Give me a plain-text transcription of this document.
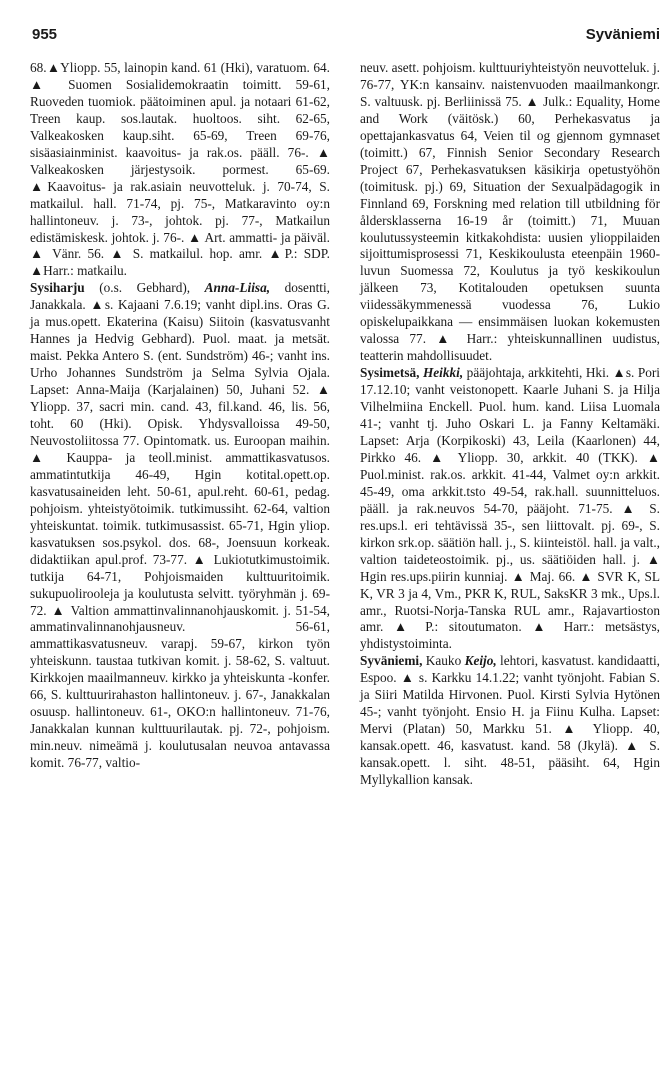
955	Syväniemi

68.▲Yliopp. 55, lainopin kand. 61 (Hki), varatuom. 64. ▲ Suomen Sosialidemokraatin toimitt. 59-61, Ruoveden tuomiok. päätoiminen apul. ja notaari 61-62, Treen kaup. sos.lautak. huoltoos. siht. 62-65, Valkeakosken kaup.siht. 65-69, Treen 69-76, sisäasiainminist. kaavoitus- ja rak.os. pääll. 76-. ▲ Valkeakosken järjestysoik. pormest. 65-69. ▲Kaavoitus- ja rak.asiain neuvotteluk. j. 70-74, S. matkailul. hall. 71-74, pj. 75-, Matkaravinto oy:n hallintoneuv. j. 73-, johtok. pj. 77-, Matkailun edistämiskesk. johtok. j. 76-. ▲ Art. ammatti- ja päiväl. ▲ Vänr. 56. ▲ S. matkailul. hop. amr. ▲P.: SDP. ▲Harr.: matkailu.

Sysiharju (o.s. Gebhard), Anna-Liisa, dosentti, Janakkala. ▲s. Kajaani 7.6.19; vanht dipl.ins. Oras G. ja mus.opett. Ekaterina (Kaisu) Siitoin (kasvatusvanht Hannes ja Hedvig Gebhard). Puol. maat. ja metsät. maist. Pekka Antero S. (ent. Sundström) 46-; vanht ins. Urho Johannes Sundström ja Selma Sylvia Ojala. Lapset: Anna-Maija (Karjalainen) 50, Juhani 52. ▲ Yliopp. 37, sacri min. cand. 43, fil.kand. 46, lis. 56, toht. 60 (Hki). Opisk. Yhdysvalloissa 49-50, Neuvostoliitossa 77. Opintomatk. us. Euroopan maihin. ▲ Kauppa- ja teoll.minist. ammattikasvatusos. ammatintutkija 46-49, Hgin kotital.opett.op. kasvatusaineiden leht. 50-61, apul.reht. 60-61, pedag. pohjoism. yhteistyötoimik. tutkimussiht. 62-64, valtion yhteiskuntat. toimik. tutkimusassist. 65-71, Hgin yliop. kasvatuksen sos.psykol. dos. 68-, Joensuun korkeak. didaktiikan apul.prof. 73-77. ▲ Lukiotutkimustoimik. tutkija 64-71, Pohjoismaiden kulttuuritoimik. sukupuolirooleja ja koulutusta selvitt. työryhmän j. 69-72. ▲ Valtion ammattinvalinnanohjauskomit. j. 51-54, ammatinvalinnanohjausneuv. 56-61, ammattikasvatusneuv. varapj. 59-67, kirkon työn yhteiskunn. taustaa tutkivan komit. j. 58-62, S. valtuut. Kirkkojen maailmanneuv. kirkko ja yhteiskunta -konfer. 66, S. kulttuurirahaston hallintoneuv. j. 67-, Janakkalan osuusp. hallintoneuv. 61-, OKO:n hallintoneuv. 71-76, Janakkalan kunnan kulttuurilautak. pj. 72-, pohjoism. min.neuv. nimeämä j. koulutusalan neuvoa antavassa komit. 76-77, valtio-

neuv. asett. pohjoism. kulttuuriyhteistyön neuvotteluk. j. 76-77, YK:n kansainv. naistenvuoden maailmankongr. S. valtuusk. pj. Berliinissä 75. ▲ Julk.: Equality, Home and Work (väitösk.) 60, Perhekasvatus ja opettajankasvatus 64, Veien til og gjennom gymnaset (toimitt.) 67, Finnish Senior Secondary Research Project 67, Perhekasvatuksen käsikirja opetustyöhön (toimitusk. pj.) 69, Situation der Sexualpädagogik in Finnland 69, Forskning med relation till utbildning för åldersklasserna 16-19 år (toimitt.) 71, Muuan koulutussysteemin kitkakohdista: uusien ylioppilaiden sijoittumisprosessi 71, Keskikoulusta eteenpäin 1960-luvun Suomessa 72, Koulutus ja työ keskikoulun jälkeen 73, Kotitalouden opetuksen suunta viidessäkymmenessä vuodessa 76, Lukio opiskelupaikkana — ensimmäisen luokan kokemusten valossa 77. ▲ Harr.: yhteiskunnallinen uudistus, teatterin mahdollisuudet.

Sysimetsä, Heikki, pääjohtaja, arkkitehti, Hki. ▲s. Pori 17.12.10; vanht veistonopett. Kaarle Juhani S. ja Hilja Vilhelmiina Enckell. Puol. hum. kand. Liisa Luomala 41-; vanht tj. Juho Oskari L. ja Fanny Keltamäki. Lapset: Arja (Korpikoski) 43, Leila (Kaarlonen) 44, Pirkko 46. ▲ Yliopp. 30, arkkit. 40 (TKK). ▲ Puol.minist. rak.os. arkkit. 41-44, Valmet oy:n arkkit. 45-49, oma arkkit.tsto 49-54, rak.hall. suunnitteluos. pääll. ja rak.neuvos 54-70, pääjoht. 71-75. ▲ S. res.ups.l. eri tehtävissä 35-, sen liittovalt. pj. 69-, S. kirkon srk.op. säätiön hall. j., S. kiinteistöl. hall. ja valt., valtion taideteostoimik. pj., us. säätiöiden hall. j. ▲ Hgin res.ups.piirin kunniaj. ▲ Maj. 66. ▲ SVR K, SL K, VR 3 ja 4, Vm., PKR K, RUL, SaksKR 3 mk., Ups.l. amr., Ruotsi-Norja-Tanska RUL amr., Rajavartioston amr. ▲ P.: sitoutumaton. ▲ Harr.: metsästys, yhdistystoiminta.

Syväniemi, Kauko Keijo, lehtori, kasvatust. kandidaatti, Espoo. ▲ s. Karkku 14.1.22; vanht työnjoht. Fabian S. ja Siiri Matilda Hirvonen. Puol. Kirsti Sylvia Hytönen 45-; vanht työnjoht. Ensio H. ja Fiinu Kulha. Lapset: Mervi (Platan) 50, Markku 51. ▲ Yliopp. 40, kansak.opett. 46, kasvatust. kand. 58 (Jkylä). ▲ S. kansak.opett. l. siht. 48-51, pääsiht. 64, Hgin Myllykallion kansak.
